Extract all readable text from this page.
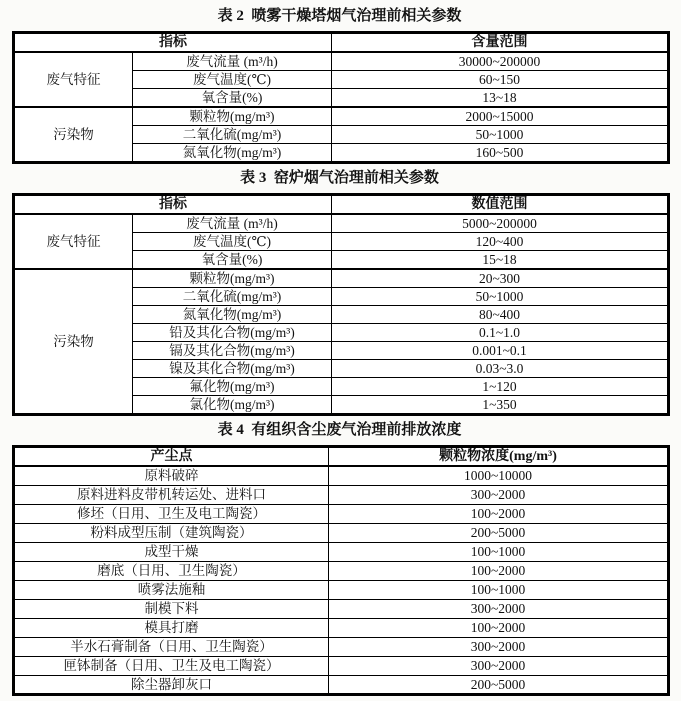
表 2  喷雾干燥塔烟气治理前相关参数
指标		含量范围
废气特征	废气流量 (m³/h)	30000~200000
	废气温度(℃)	60~150
	氧含量(%)	13~18
污染物	颗粒物(mg/m³)	2000~15000
	二氧化硫(mg/m³)	50~1000
	氮氧化物(mg/m³)	160~500
表 3  窑炉烟气治理前相关参数
指标		数值范围
废气特征	废气流量 (m³/h)	5000~200000
	废气温度(℃)	120~400
	氧含量(%)	15~18
污染物	颗粒物(mg/m³)	20~300
	二氧化硫(mg/m³)	50~1000
	氮氧化物(mg/m³)	80~400
	铅及其化合物(mg/m³)	0.1~1.0
	镉及其化合物(mg/m³)	0.001~0.1
	镍及其化合物(mg/m³)	0.03~3.0
	氟化物(mg/m³)	1~120
	氯化物(mg/m³)	1~350
表 4  有组织含尘废气治理前排放浓度
产尘点	颗粒物浓度(mg/m³)
原料破碎	1000~10000
原料进料皮带机转运处、进料口	300~2000
修坯（日用、卫生及电工陶瓷）	100~2000
粉料成型压制（建筑陶瓷）	200~5000
成型干燥	100~1000
磨底（日用、卫生陶瓷）	100~2000
喷雾法施釉	100~1000
制模下料	300~2000
模具打磨	100~2000
半水石膏制备（日用、卫生陶瓷）	300~2000
匣钵制备（日用、卫生及电工陶瓷）	300~2000
除尘器卸灰口	200~5000
